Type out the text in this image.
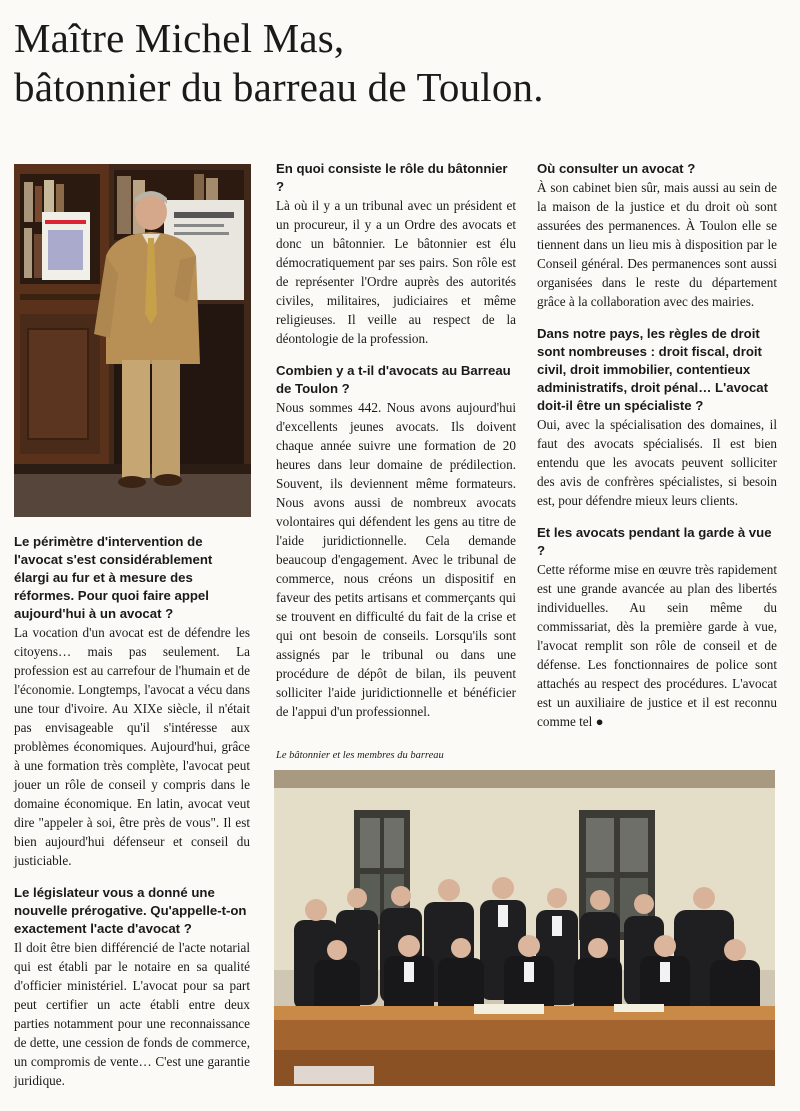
Maître Michel Mas,
bâtonnier du barreau de Toulon.
Le périmètre d'intervention de l'avocat s'est considérablement élargi au fur et à mesure des réformes. Pour quoi faire appel aujourd'hui à un avocat ?

La vocation d'un avocat est de défendre les citoyens… mais pas seulement. La profession est au carrefour de l'humain et de l'économie. Longtemps, l'avocat a vécu dans une tour d'ivoire. Au XIXe siècle, il n'était pas envisageable qu'il s'intéresse aux problèmes économiques. Aujourd'hui, grâce à une formation très complète, l'avocat peut jouer un rôle de conseil y compris dans le domaine économique. En latin, avocat veut dire "appeler à soi, être près de vous". Il est bien aujourd'hui défenseur et conseil du justiciable.

Le législateur vous a donné une nouvelle prérogative. Qu'appelle-t-on exactement l'acte d'avocat ?

Il doit être bien différencié de l'acte notarial qui est établi par le notaire en sa qualité d'officier ministériel. L'avocat pour sa part peut certifier un acte établi entre deux parties notamment pour une reconnaissance de dette, une cession de fonds de commerce, un compromis de vente… C'est une garantie juridique.

En quoi consiste le rôle du bâtonnier ?

Là où il y a un tribunal avec un président et un procureur, il y a un Ordre des avocats et donc un bâtonnier. Le bâtonnier est élu démocratiquement par ses pairs. Son rôle est de représenter l'Ordre auprès des autorités civiles, militaires, judiciaires et même religieuses. Il veille au respect de la déontologie de la profession.

Combien y a t-il d'avocats au Barreau de Toulon ?

Nous sommes 442. Nous avons aujourd'hui d'excellents jeunes avocats. Ils doivent chaque année suivre une formation de 20 heures dans leur domaine de prédilection. Souvent, ils deviennent même formateurs. Nous avons aussi de nombreux avocats volontaires qui défendent les gens au titre de l'aide juridictionnelle. Cela demande beaucoup d'engagement. Avec le tribunal de commerce, nous créons un dispositif en faveur des petits artisans et commerçants qui se trouvent en difficulté du fait de la crise et qui ont besoin de conseils. Lorsqu'ils sont assignés par le tribunal ou dans une procédure de dépôt de bilan, ils peuvent solliciter l'aide juridictionnelle et bénéficier de l'appui d'un professionnel.

Où consulter un avocat ?

À son cabinet bien sûr, mais aussi au sein de la maison de la justice et du droit où sont assurées des permanences. À Toulon elle se tiennent dans un lieu mis à disposition par le Conseil général. Des permanences sont aussi organisées dans le reste du département grâce à la collaboration avec des mairies.

Dans notre pays, les règles de droit sont nombreuses : droit fiscal, droit civil, droit immobilier, contentieux administratifs, droit pénal… L'avocat doit-il être un spécialiste ?

Oui, avec la spécialisation des domaines, il faut des avocats spécialisés. Il est bien entendu que les avocats peuvent solliciter des avis de confrères spécialistes, si besoin est, pour défendre mieux leurs clients.

Et les avocats pendant la garde à vue ?

Cette réforme mise en œuvre très rapidement est une grande avancée au plan des libertés individuelles. Au sein même du commissariat, dès la première garde à vue, l'avocat remplit son rôle de conseil et de défense. Les fonctionnaires de police sont attachés au respect des procédures. L'avocat est un auxiliaire de justice et il est reconnu comme tel ●

Le bâtonnier et les membres du barreau
